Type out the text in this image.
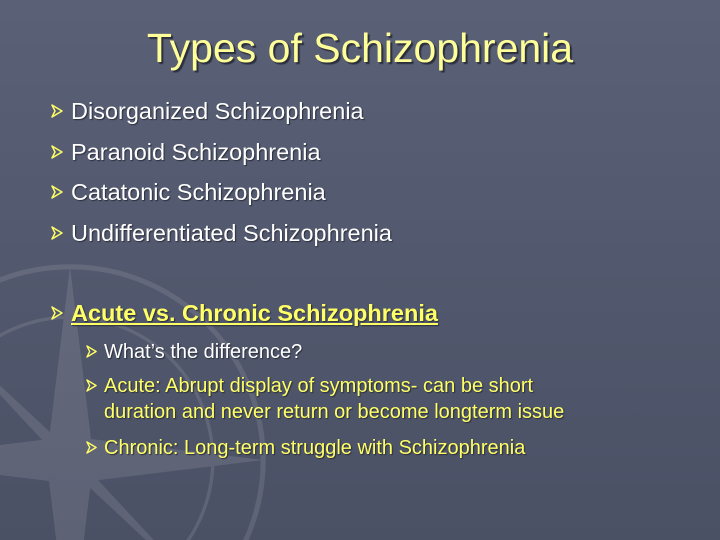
Types of Schizophrenia
Disorganized Schizophrenia
Paranoid Schizophrenia
Catatonic Schizophrenia
Undifferentiated Schizophrenia
Acute vs. Chronic Schizophrenia
What’s the difference?
Acute: Abrupt display of symptoms- can be short
duration and never return or become longterm issue
Chronic: Long-term struggle with Schizophrenia
